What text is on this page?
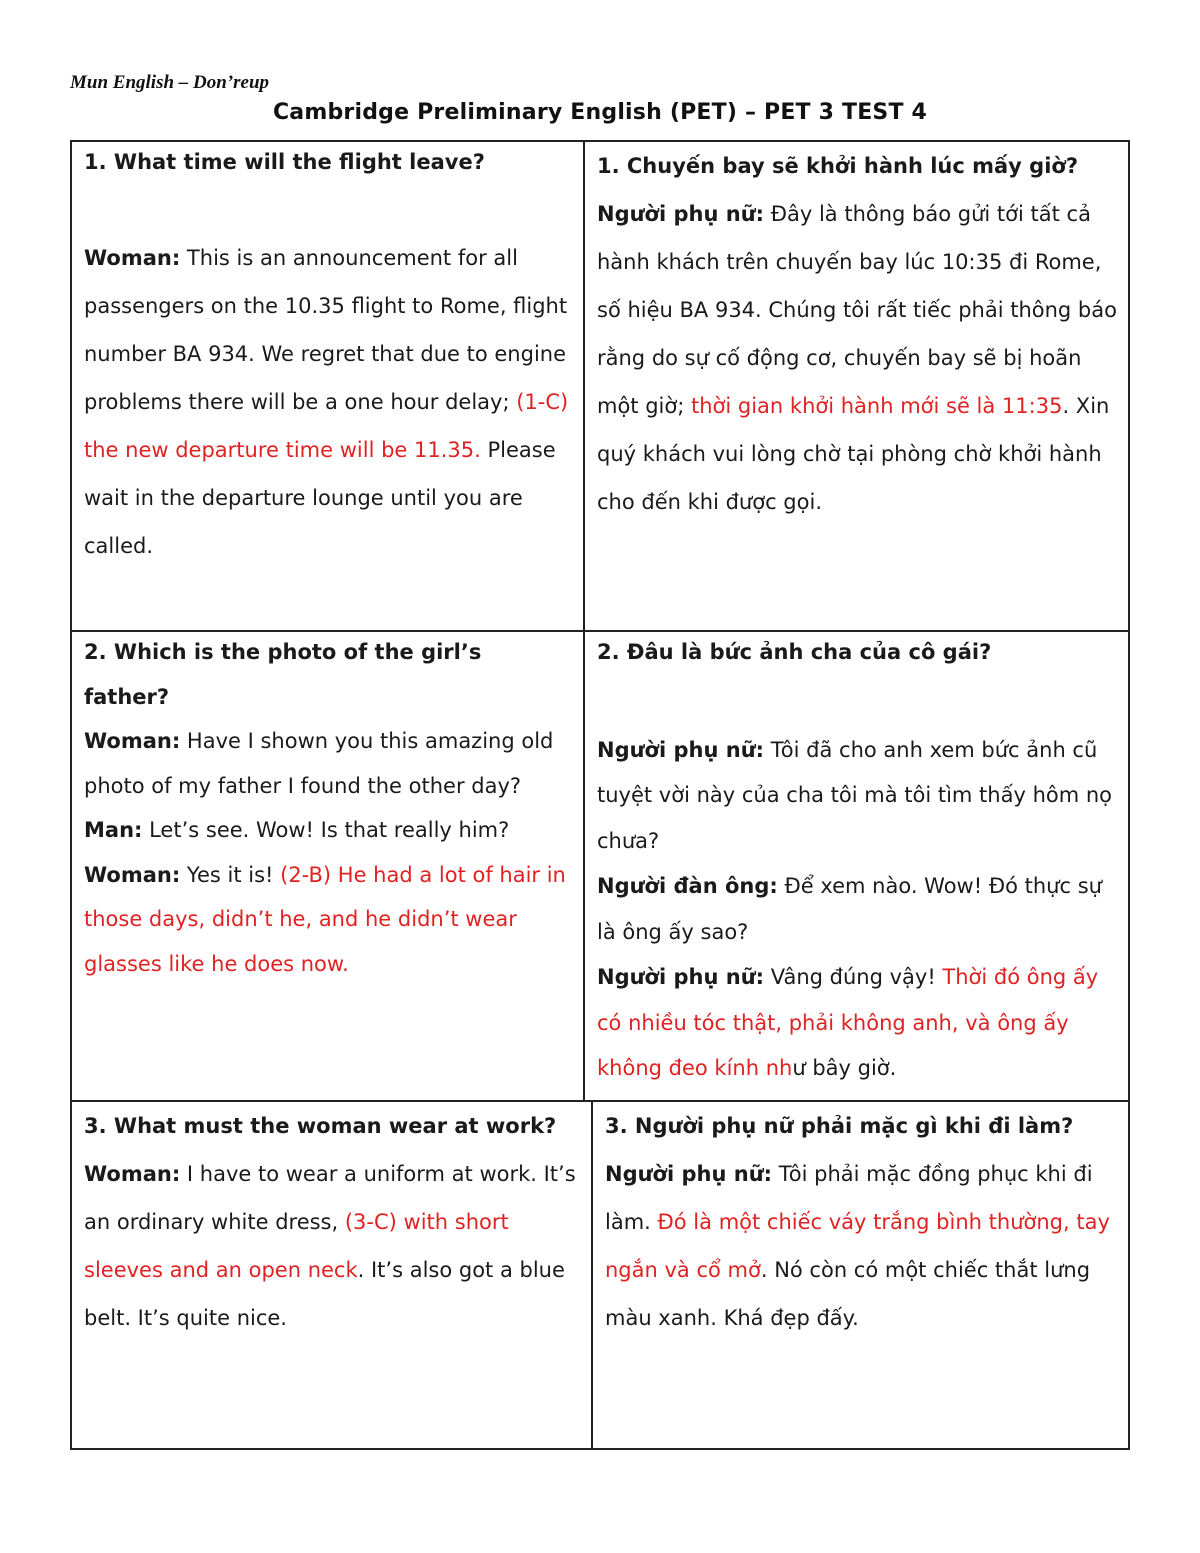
Mun English – Don’reup
Cambridge Preliminary English (PET) – PET 3 TEST 4

1. What time will the flight leave?

Woman: This is an announcement for all passengers on the 10.35 flight to Rome, flight number BA 934. We regret that due to engine problems there will be a one hour delay; (1-C) the new departure time will be 11.35. Please wait in the departure lounge until you are called.

1. Chuyến bay sẽ khởi hành lúc mấy giờ?

Người phụ nữ: Đây là thông báo gửi tới tất cả hành khách trên chuyến bay lúc 10:35 đi Rome, số hiệu BA 934. Chúng tôi rất tiếc phải thông báo rằng do sự cố động cơ, chuyến bay sẽ bị hoãn một giờ; thời gian khởi hành mới sẽ là 11:35. Xin quý khách vui lòng chờ tại phòng chờ khởi hành cho đến khi được gọi.

2. Which is the photo of the girl’s father?

Woman: Have I shown you this amazing old photo of my father I found the other day?

Man: Let’s see. Wow! Is that really him?

Woman: Yes it is! (2-B) He had a lot of hair in those days, didn’t he, and he didn’t wear glasses like he does now.

2. Đâu là bức ảnh cha của cô gái?

Người phụ nữ: Tôi đã cho anh xem bức ảnh cũ tuyệt vời này của cha tôi mà tôi tìm thấy hôm nọ chưa?

Người đàn ông: Để xem nào. Wow! Đó thực sự là ông ấy sao?

Người phụ nữ: Vâng đúng vậy! Thời đó ông ấy có nhiều tóc thật, phải không anh, và ông ấy không đeo kính như bây giờ.

3. What must the woman wear at work?

Woman: I have to wear a uniform at work. It’s an ordinary white dress, (3-C) with short sleeves and an open neck. It’s also got a blue belt. It’s quite nice.

3. Người phụ nữ phải mặc gì khi đi làm?

Người phụ nữ: Tôi phải mặc đồng phục khi đi làm. Đó là một chiếc váy trắng bình thường, tay ngắn và cổ mở. Nó còn có một chiếc thắt lưng màu xanh. Khá đẹp đấy.
